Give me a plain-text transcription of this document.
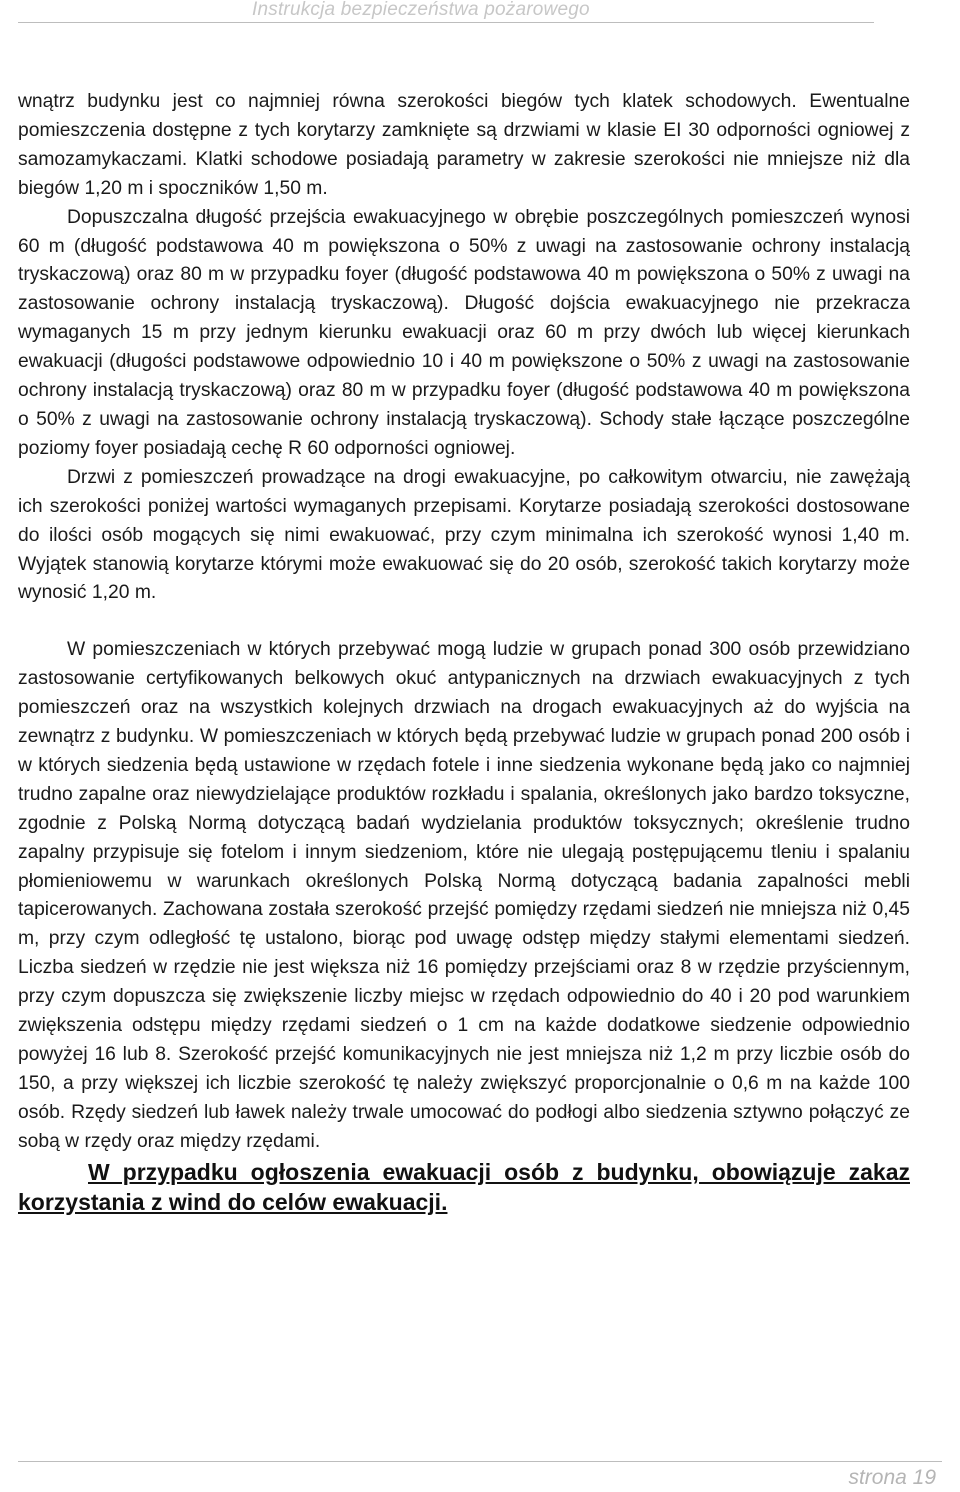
Instrukcja bezpieczeństwa pożarowego

wnątrz budynku jest co najmniej równa szerokości biegów tych klatek schodowych. Ewentualne pomieszczenia dostępne z tych korytarzy zamknięte są drzwiami w klasie EI 30 odporności ogniowej z samozamykaczami. Klatki schodowe posiadają parametry w zakresie szerokości nie mniejsze niż dla biegów 1,20 m i spoczników 1,50 m.

Dopuszczalna długość przejścia ewakuacyjnego w obrębie poszczególnych pomieszczeń wynosi 60 m (długość podstawowa 40 m powiększona o 50% z uwagi na zastosowanie ochrony instalacją tryskaczową) oraz 80 m w przypadku foyer (długość podstawowa 40 m powiększona o 50% z uwagi na zastosowanie ochrony instalacją tryskaczową). Długość dojścia ewakuacyjnego nie przekracza wymaganych 15 m przy jednym kierunku ewakuacji oraz 60 m przy dwóch lub więcej kierunkach ewakuacji (długości podstawowe odpowiednio 10 i 40 m powiększone o 50% z uwagi na zastosowanie ochrony instalacją tryskaczową) oraz 80 m w przypadku foyer (długość podstawowa 40 m powiększona o 50% z uwagi na zastosowanie ochrony instalacją tryskaczową). Schody stałe łączące poszczególne poziomy foyer posiadają cechę R 60 odporności ogniowej.

Drzwi z pomieszczeń prowadzące na drogi ewakuacyjne, po całkowitym otwarciu, nie zawężają ich szerokości poniżej wartości wymaganych przepisami. Korytarze posiadają szerokości dostosowane do ilości osób mogących się nimi ewakuować, przy czym minimalna ich szerokość wynosi 1,40 m. Wyjątek stanowią korytarze którymi może ewakuować się do 20 osób, szerokość takich korytarzy może wynosić 1,20 m.

W pomieszczeniach w których przebywać mogą ludzie w grupach ponad 300 osób przewidziano zastosowanie certyfikowanych belkowych okuć antypanicznych na drzwiach ewakuacyjnych z tych pomieszczeń oraz na wszystkich kolejnych drzwiach na drogach ewakuacyjnych aż do wyjścia na zewnątrz z budynku. W pomieszczeniach w których będą przebywać ludzie w grupach ponad 200 osób i w których siedzenia będą ustawione w rzędach fotele i inne siedzenia wykonane będą jako co najmniej trudno zapalne oraz niewydzielające produktów rozkładu i spalania, określonych jako bardzo toksyczne, zgodnie z Polską Normą dotyczącą badań wydzielania produktów toksycznych; określenie trudno zapalny przypisuje się fotelom i innym siedzeniom, które nie ulegają postępującemu tleniu i spalaniu płomieniowemu w warunkach określonych Polską Normą dotyczącą badania zapalności mebli tapicerowanych. Zachowana została szerokość przejść pomiędzy rzędami siedzeń nie mniejsza niż 0,45 m, przy czym odległość tę ustalono, biorąc pod uwagę odstęp między stałymi elementami siedzeń. Liczba siedzeń w rzędzie nie jest większa niż 16 pomiędzy przejściami oraz 8 w rzędzie przyściennym, przy czym dopuszcza się zwiększenie liczby miejsc w rzędach odpowiednio do 40 i 20 pod warunkiem zwiększenia odstępu między rzędami siedzeń o 1 cm na każde dodatkowe siedzenie odpowiednio powyżej 16 lub 8. Szerokość przejść komunikacyjnych nie jest mniejsza niż 1,2 m przy liczbie osób do 150, a przy większej ich liczbie szerokość tę należy zwiększyć proporcjonalnie o 0,6 m na każde 100 osób. Rzędy siedzeń lub ławek należy trwale umocować do podłogi albo siedzenia sztywno połączyć ze sobą w rzędy oraz między rzędami.

W przypadku ogłoszenia ewakuacji osób z budynku, obowiązuje zakaz korzystania z wind do celów ewakuacji.

strona 19
